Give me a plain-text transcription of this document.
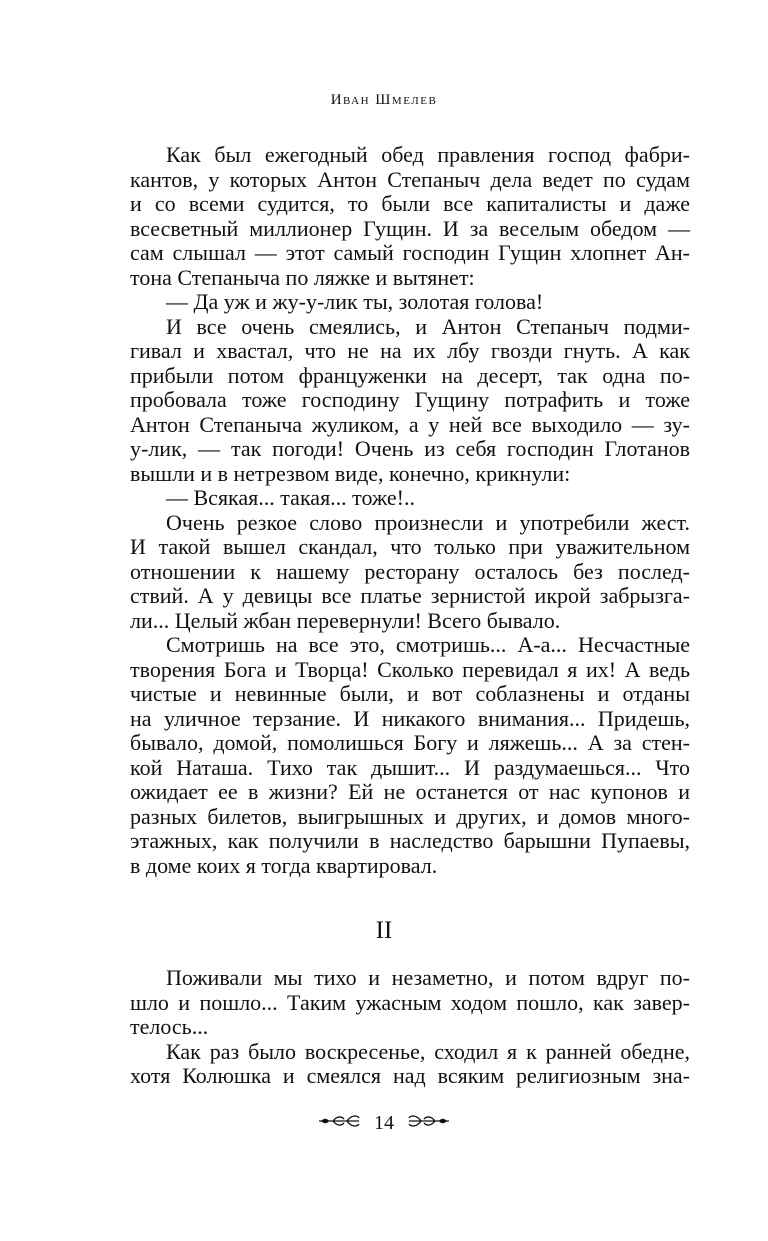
Иван Шмелев
Как был ежегодный обед правления господ фабри-
кантов, у которых Антон Степаныч дела ведет по судам
и со всеми судится, то были все капиталисты и даже
всесветный миллионер Гущин. И за веселым обедом —
сам слышал — этот самый господин Гущин хлопнет Ан-
тона Степаныча по ляжке и вытянет:
— Да уж и жу-у-лик ты, золотая голова!
И все очень смеялись, и Антон Степаныч подми-
гивал и хвастал, что не на их лбу гвозди гнуть. А как
прибыли потом француженки на десерт, так одна по-
пробовала тоже господину Гущину потрафить и тоже
Антон Степаныча жуликом, а у ней все выходило — зу-
у-лик, — так погоди! Очень из себя господин Глотанов
вышли и в нетрезвом виде, конечно, крикнули:
— Всякая... такая... тоже!..
Очень резкое слово произнесли и употребили жест.
И такой вышел скандал, что только при уважительном
отношении к нашему ресторану осталось без послед-
ствий. А у девицы все платье зернистой икрой забрызга-
ли... Целый жбан перевернули! Всего бывало.
Смотришь на все это, смотришь... А-а... Несчастные
творения Бога и Творца! Сколько перевидал я их! А ведь
чистые и невинные были, и вот соблазнены и отданы
на уличное терзание. И никакого внимания... Придешь,
бывало, домой, помолишься Богу и ляжешь... А за стен-
кой Наташа. Тихо так дышит... И раздумаешься... Что
ожидает ее в жизни? Ей не останется от нас купонов и
разных билетов, выигрышных и других, и домов много-
этажных, как получили в наследство барышни Пупаевы,
в доме коих я тогда квартировал.
II
Поживали мы тихо и незаметно, и потом вдруг по-
шло и пошло... Таким ужасным ходом пошло, как завер-
телось...
Как раз было воскресенье, сходил я к ранней обедне,
хотя Колюшка и смеялся над всяким религиозным зна-
14
